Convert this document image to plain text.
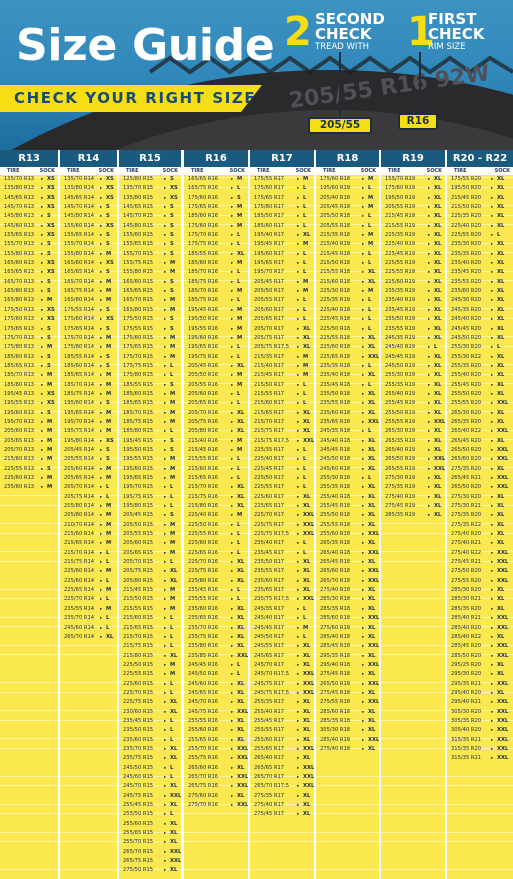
205/55 R16 92W
Size Guide
CHECK YOUR RIGHT SIZE
2 SECOND
CHECK
TREAD WITH 1
FIRST
CHECK
RIM SIZE
205/55	R16
R13
TIRE	SOCK
135/70 R13 ▸ XS
135/80 R13 ▸ XS
145/65 R13 ▸ XS
145/70 R13 ▸ XS
145/80 R13 ▸ S
145/60 R13 ▸ XS
155/65 R13 ▸ XS
155/70 R13 ▸ S
155/80 R13 ▸ S
165/60 R13 ▸ XS
165/65 R13 ▸ XS
165/70 R13 ▸ S
165/80 R13 ▸ S
165/80 R13 ▸ M
175/50 R13 ▸ XS
175/60 R13 ▸ XS
175/65 R13 ▸ S
175/70 R13 ▸ S
175/80 R13 ▸ M
185/60 R13 ▸ S
185/65 R13 ▸ S
185/70 R13 ▸ M
185/80 R13 ▸ M
195/45 R13 ▸ XS
195/55 R13 ▸ XS
195/60 R13 ▸ S
195/70 R13 ▸ M
205/60 R13 ▸ M
205/65 R13 ▸ M
205/70 R13 ▸ M
215/60 R13 ▸ M
225/55 R13 ▸ S
225/60 R13 ▸ M
235/60 R13 ▸ M
R14
TIRE	SOCK
135/70 R14 ▸ XS
135/80 R14 ▸ XS
145/65 R14 ▸ XS
145/70 R14 ▸ S
145/80 R14 ▸ S
155/60 R14 ▸ XS
155/65 R14 ▸ S
155/70 R14 ▸ S
155/80 R14 ▸ M
165/60 R14 ▸ XS
165/65 R14 ▸ S
165/70 R14 ▸ M
165/75 R14 ▸ M
165/80 R14 ▸ M
175/55 R14 ▸ S
175/60 R14 ▸ XS
175/65 R14 ▸ S
175/70 R14 ▸ M
175/80 R14 ▸ M
185/55 R14 ▸ S
185/60 R14 ▸ S
185/65 R14 ▸ M
185/70 R14 ▸ M
185/75 R14 ▸ M
195/60 R14 ▸ S
195/65 R14 ▸ M
195/70 R14 ▸ M
195/75 R14 ▸ M
195/80 R14 ▸ XS
205/45 R14 ▸ S
205/55 R14 ▸ S
205/60 R14 ▸ M
205/65 R14 ▸ M
205/70 R14 ▸ L
205/75 R14 ▸ L
205/80 R14 ▸ M
205/80 R14 ▸ M
210/70 R14 ▸ M
215/60 R14 ▸ M
215/65 R14 ▸ M
215/70 R14 ▸ L
215/75 R14 ▸ L
225/60 R14 ▸ M
225/60 R14 ▸ L
225/65 R14 ▸ M
225/70 R14 ▸ L
235/55 R14 ▸ M
235/70 R14 ▸ L
245/60 R14 ▸ L
265/70 R14 ▸ XL
R15
TIRE	SOCK
125/80 R15 ▸ S
135/70 R15 ▸ XS
135/80 R15 ▸ XS
145/65 R15 ▸ S
145/70 R15 ▸ S
145/80 R15 ▸ S
155/60 R15 ▸ S
155/65 R15 ▸ S
155/70 R15 ▸ S
155/75 R15 ▸ M
155/80 R15 ▸ M
165/60 R15 ▸ S
165/65 R15 ▸ S
165/70 R15 ▸ M
165/80 R15 ▸ M
175/50 R15 ▸ S
175/55 R15 ▸ S
175/60 R15 ▸ M
175/65 R15 ▸ M
175/70 R15 ▸ M
175/75 R15 ▸ L
175/80 R15 ▸ L
185/55 R15 ▸ S
185/60 R15 ▸ M
185/65 R15 ▸ M
185/70 R15 ▸ M
185/75 R15 ▸ M
185/80 R15 ▸ L
195/45 R15 ▸ S
195/50 R15 ▸ S
195/55 R15 ▸ M
195/60 R15 ▸ M
195/65 R15 ▸ M
195/70 R15 ▸ L
195/75 R15 ▸ L
195/80 R15 ▸ L
205/45 R15 ▸ S
205/50 R15 ▸ M
205/55 R15 ▸ M
205/60 R15 ▸ M
205/65 R15 ▸ M
205/70 R15 ▸ L
205/75 R15 ▸ XL
205/80 R15 ▸ XL
215/45 R15 ▸ M
215/50 R15 ▸ M
215/55 R15 ▸ M
215/60 R15 ▸ L
215/65 R15 ▸ L
215/70 R15 ▸ L
215/75 R15 ▸ L
215/80 R15 ▸ XL
225/50 R15 ▸ M
225/55 R15 ▸ M
225/60 R15 ▸ L
225/70 R15 ▸ L
225/75 R15 ▸ XL
230/60 R15 ▸ XL
235/45 R15 ▸ L
235/50 R15 ▸ L
235/60 R15 ▸ L
235/70 R15 ▸ XL
235/75 R15 ▸ XL
245/50 R15 ▸ L
245/60 R15 ▸ L
245/70 R15 ▸ XL
245/75 R15 ▸ XXL
255/45 R15 ▸ XL
255/50 R15 ▸ L
255/60 R15 ▸ XL
255/65 R15 ▸ XL
255/70 R15 ▸ XL
265/70 R15 ▸ XXL
265/75 R15 ▸ XXL
275/50 R15 ▸ XL
R16
TIRE	SOCK
165/65 R16	▸ M
165/75 R16	▸ L
175/60 R16	▸ S
175/65 R16	▸ M
185/60 R16	▸ M
175/60 R16	▸ M
175/70 R16	▸ L
175/75 R16	▸ L
185/55 R16	▸ XL
185/60 R16	▸ M
185/70 R16	▸ L
185/75 R16	▸ L
185/70 R16	▸ M
185/75 R16	▸ L
195/45 R16	▸ M
195/50 R16	▸ M
195/55 R16	▸ M
195/60 R16	▸ M
195/65 R16	▸ L
195/75 R16	▸ L
205/45 R16	▸ XL
205/50 R16	▸ M
205/55 R16	▸ M
205/60 R16	▸ L
205/65 R16	▸ L
205/70 R16	▸ XL
205/75 R16	▸ XL
205/80 R16	▸ XL
215/40 R16	▸ M
215/45 R16	▸ M
215/55 R16	▸ L
215/60 R16	▸ L
215/65 R16	▸ L
215/70 R16	▸ XL
215/75 R16	▸ XL
215/80 R16	▸ XL
225/40 R16	▸ M
225/50 R16	▸ L
225/55 R16	▸ L
225/60 R16	▸ L
225/65 R16	▸ L
225/70 R16	▸ XL
225/75 R16	▸ XL
225/80 R16	▸ XL
235/45 R16	▸ L
235/55 R16	▸ L
235/60 R16	▸ XL
235/65 R16	▸ XL
235/70 R16	▸ XL
235/75 R16	▸ XL
235/80 R16	▸ XL
235/85 R16	▸ XXL
245/45 R16	▸ L
245/50 R16	▸ L
245/60 R16	▸ XL
245/65 R16	▸ XL
245/70 R16	▸ XL
245/75 R16	▸ XXL
255/55 R16	▸ XL
255/60 R16	▸ XL
255/65 R16	▸ XL
255/70 R16	▸ XXL
255/75 R16	▸ XXL
265/60 R16	▸ XL
265/70 R16	▸ XXL
265/75 R16	▸ XXL
275/60 R16	▸ XL
275/70 R16	▸ XXL
R17
TIRE	SOCK
175/55 R17	▸ M
175/60 R17	▸ L
175/65 R17	▸ L
175/80 R17	▸ L
185/50 R17	▸ L
185/60 R17	▸ L
195/40 R17	▸ XL
195/45 R17	▸ M
195/60 R17	▸ L
195/65 R17	▸ L
195/70 R17	▸ L
205/45 R17	▸ M
205/50 R17	▸ M
205/55 R17	▸ L
205/60 R17	▸ L
205/65 R17	▸ L
205/70 R17	▸ XL
205/75 R17	▸ XL
205/75 R17,5 ▸ XL
215/35 R17	▸ M
215/40 R17	▸ M
215/45 R17	▸ M
215/50 R17	▸ L
215/55 R17	▸ L
215/60 R17	▸ L
215/65 R17	▸ XL
215/70 R17	▸ XL
215/75 R17	▸ XL
215/75 R17,5 ▸ XXL
225/35 R17	▸ L
225/40 R17	▸ L
225/45 R17	▸ L
225/50 R17	▸ L
225/55 R17	▸ L
225/60 R17	▸ XL
225/65 R17	▸ XL
225/70 R17	▸ XXL
225/75 R17	▸ XXL
225/75 R17,5 ▸ XXL
235/40 R17	▸ L
235/45 R17	▸ L
235/50 R17	▸ XL
235/55 R17	▸ XL
235/60 R17	▸ XL
235/65 R17	▸ XL
235/75 R17,5 ▸ XXL
245/35 R17	▸ L
245/40 R17	▸ L
245/45 R17	▸ M
245/50 R17	▸ L
245/55 R17	▸ XL
245/65 R17	▸ XL
245/70 R17	▸ XL
245/70 R17,5 ▸ XXL
245/75 R17	▸ XXL
245/75 R17,5 ▸ XXL
255/35 R17	▸ XL
255/40 R17	▸ XL
255/45 R17	▸ XL
255/55 R17	▸ XL
255/60 R17	▸ XL
255/65 R17	▸ XXL
265/40 R17	▸ XL
265/65 R17	▸ XXL
265/70 R17	▸ XXL
265/70 R17,5 ▸ XXL
275/35 R17	▸ XL
275/40 R17	▸ XL
275/45 R17	▸ XL
R18
TIRE	SOCK
175/60 R18	▸ M
195/60 R18	▸ L
205/40 R18	▸ M
205/45 R18	▸ M
205/50 R18	▸ L
205/55 R18	▸ L
215/35 R18	▸ M
215/40 R18	▸ M
215/45 R18	▸ L
215/50 R18	▸ L
215/55 R18	▸ XL
215/60 R18	▸ XL
225/30 R18	▸ M
225/35 R18	▸ L
225/40 R18	▸ L
225/45 R18	▸ L
225/50 R18	▸ L
225/55 R18	▸ XL
225/60 R18	▸ XL
225/65 R18	▸ XXL
235/35 R18	▸ L
235/40 R18	▸ XL
235/45 R18	▸ L
235/50 R18	▸ XL
235/55 R18	▸ XL
235/60 R18	▸ XL
235/65 R18	▸ XXL
245/35 R18	▸ L
245/40 R18	▸ XL
245/45 R18	▸ XL
245/50 R18	▸ XL
245/60 R18	▸ XL
255/30 R18	▸ L
255/35 R18	▸ XL
255/40 R18	▸ XL
255/45 R18	▸ XL
255/50 R18	▸ XL
255/55 R18	▸ XL
255/60 R18	▸ XXL
265/35 R18	▸ XL
265/40 R18	▸ XXL
265/45 R18	▸ XL
265/60 R18	▸ XXL
265/70 R18	▸ XXL
275/40 R18	▸ XL
285/30 R18	▸ XL
285/35 R18	▸ XL
285/60 R18	▸ XXL
275/60 R18	▸ XL
285/40 R18	▸ XL
285/45 R18	▸ XXL
295/35 R18	▸ XL
295/40 R18	▸ XXL
275/45 R18	▸ XL
265/50 R18	▸ XXL
275/45 R18	▸ XL
275/55 R18	▸ XXL
285/60 R18	▸ XL
285/35 R18	▸ XL
305/30 R18	▸ XL
285/40 R18	▸ XXL
275/40 R18	▸ XL
R19
TIRE	SOCK
155/70 R19	▸ XL
175/60 R19	▸ XL
195/50 R19	▸ XL
205/55 R19	▸ XL
215/45 R19	▸ XL
215/55 R19	▸ XL
225/35 R19	▸ XL
225/40 R19	▸ XL
225/45 R19	▸ XL
225/55 R19	▸ XL
225/55 R19	▸ XL
225/60 R19	▸ XL
235/35 R19	▸ XL
235/40 R19	▸ XL
235/45 R19	▸ XL
235/50 R19	▸ XL
235/55 R19	▸ XL
245/35 R19	▸ XL
245/40 R19	▸ L
245/45 R19	▸ XL
245/50 R19	▸ XL
255/30 R19	▸ XL
255/35 R19	▸ XL
255/40 R19	▸ XL
255/45 R19	▸ XL
255/50 R19	▸ XL
255/55 R19	▸ XXL
265/30 R19	▸ XL
265/35 R19	▸ XL
265/40 R19	▸ XL
265/50 R19	▸ XXL
265/55 R19	▸ XXL
275/30 R19	▸ XL
275/35 R19	▸ XL
275/40 R19	▸ XL
275/45 R19	▸ XL
285/35 R19	▸ XL
R20 - R22
TIRE	SOCK
175/55 R20 ▸ XL
195/50 R20 ▸ XL
215/45 R20 ▸ XL
215/50 R20 ▸ XL
225/35 R20 ▸ XL
225/40 R20 ▸ XL
225/55 R20 ▸ L
235/30 R20 ▸ XL
235/35 R20 ▸ XL
235/40 R20 ▸ XL
235/45 R20 ▸ XL
235/55 R20 ▸ XL
235/60 R20 ▸ XL
245/30 R20 ▸ XL
245/35 R20 ▸ XL
245/40 R20 ▸ XL
245/45 R20 ▸ XL
245/50 R20 ▸ XL
255/30 R20 ▸ L
255/30 R22 ▸ XL
255/35 R20 ▸ XL
255/40 R20 ▸ XL
255/45 R20 ▸ XL
255/50 R20 ▸ XL
255/55 R20 ▸ XXL
265/30 R20 ▸ XL
265/35 R20 ▸ XL
265/40 R22 ▸ XXL
265/45 R20 ▸ XL
265/50 R20 ▸ XXL
265/60 R20 ▸ XXL
275/35 R20 ▸ XL
265/45 R21 ▸ XXL
265/50 R20 ▸ XXL
275/30 R20 ▸ XL
275/30 R21 ▸ XL
275/35 R20 ▸ XL
275/35 R22 ▸ XL
275/40 R20 ▸ XL
275/40 R21 ▸ XL
275/40 R22 ▸ XXL
275/45 R21 ▸ XXL
275/50 R20 ▸ XXL
275/55 R20 ▸ XXL
285/30 R20 ▸ XL
285/30 R21 ▸ XL
285/35 R20 ▸ XL
285/40 R21 ▸ XXL
285/40 R20 ▸ XXL
285/40 R22 ▸ XL
285/45 R20 ▸ XXL
285/50 R20 ▸ XXL
295/25 R20 ▸ XL
295/30 R20 ▸ XL
295/35 R21 ▸ XXL
295/40 R20 ▸ XL
295/40 R21 ▸ XXL
305/30 R20 ▸ XXL
305/35 R20 ▸ XXL
305/40 R20 ▸ XXL
315/35 R21 ▸ XXL
315/35 R20 ▸ XXL
315/35 R21 ▸ XXL
